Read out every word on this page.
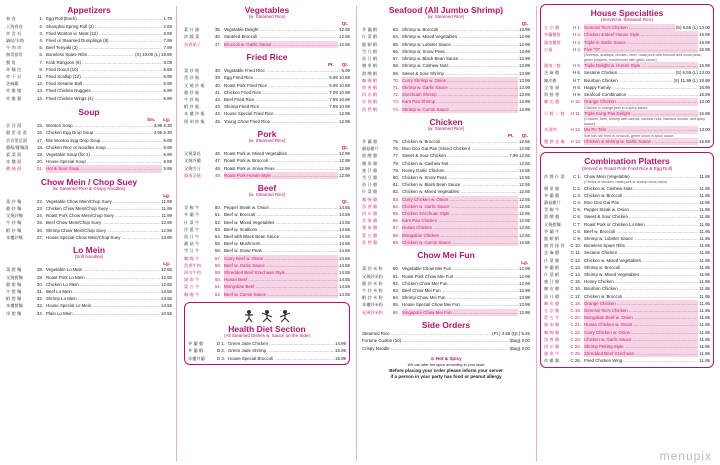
Appetizers
春 卷	1. Egg Roll (Each) .....	1.79
上海春卷	2. Shanghai Spring Roll (2) .....	2.69
炸 雲 吞	3. Fried Wonton w. Meat (12) .....	5.99
鍋貼/水餃	4. Fried or Steamed Dumplings (8) .....	7.99
牛 肉 串	5. Beef Teriyaki (3) .....	7.99
無骨排骨	6. Boneless Spare Ribs .....	(S) 10.00 (L) 18.99
蟹 角	7. Krab Rangoon (8) .....	8.09
炸 麵 包	8. Fried Donut (10) .....	5.59
炸 干 貝	11. Fried Scallop (12) .....	6.99
芝麻雞	12. Fried Sesame Ball .....	5.99
炸 雞 塊	13. Fried Chicken Nuggets .....	6.99
炸 雞 翼	14. Fried Chicken Wings (4) .....	6.99
Soup
Sm. Lg.
雲 吞 湯	15. Wonton Soup .....	3.95 5.30
雞 蛋 花 湯	16. Chicken Egg Drop Soup .....	3.95 5.30
雲吞蛋花湯	17. Mix Wonton Egg Drop Soup .....	5.69
雞飯/雞麵湯	18. Chicken Rice or Noodles Soup .....	5.99
素 菜 湯	19. Vegetable Soup (for 2) .....	5.99
本 樓 湯	20. House Special Soup .....	9.99
酸 辣 湯	21. Hot & Sour Soup .....	5.99
Chow Mein / Chop Suey
(w. Steamed Rice & Crispy Noodles)
Lg.
菜 炒 麵	22. Vegetable Chow Mein/Chop Suey .....	11.99
雞 炒 麵	23. Chicken Chow Mein/Chop Suey .....	11.99
叉燒炒麵	24. Roast Pork Chow Mein/Chop Suey .....	11.99
牛 炒 麵	25. Beef Chow Mein/Chop Suey .....	12.99
蝦 炒 麵	26. Shrimp Chow Mein/Chop Suey .....	12.99
本樓炒麵	27. House Special Chow Mein/Chop Suey .....	13.99
Lo Mein
(Soft Noodles)
Lg.
菜 撈 麵	28. Vegetable Lo Mein .....	12.55
叉燒撈麵	29. Roast Pork Lo Mein .....	12.55
雞 撈 麵	30. Chicken Lo Mein .....	12.55
牛 撈 麵	31. Beef Lo Mein .....	13.55
蝦 撈 麵	32. Shrimp Lo Mein .....	13.55
本樓撈麵	33. House Special Lo Mein .....	13.55
淨 撈 麵	34. Plain Lo Mein .....	10.55
Vegetables
(w. Steamed Rice)
Qt.
素 什 錦	35. Vegetable Delight .....	12.55
炒 雜 菜	36. Sautéed Broccoli .....	12.55
魚香茄子	37. Broccoli w. Garlic Sauce .....	12.55
Fried Rice
Pt. Qt.
菜 炒 飯	38. Vegetable Fried Rice .....	6.99
蛋 炒 飯	39. Egg Fried Rice .....	6.99 10.99
叉 燒 炒 飯	40. Roast Pork Fried Rice .....	6.99 10.99
雞 炒 飯	41. Chicken Fried Rice .....	7.09 10.99
牛 炒 飯	42. Beef Fried Rice .....	7.99 10.99
蝦 炒 飯	43. Shrimp Fried Rice .....	7.99 10.99
本 樓 炒 飯	44. House Special Fried Rice .....	12.99
揚 州 炒 飯	45. Young Chow Fried Rice .....	12.99
Pork
(w. Steamed Rice)
Qt.
叉燒菜花	46. Roast Pork w. Mixed Vegetables .....	12.99
叉燒芥蘭	47. Roast Pork w. Broccoli .....	12.99
叉燒雪豆	48. Roast Pork w. Snow Peas .....	12.99
湖南叉燒	49. Roast Pork Hunan Style .....	12.99
Beef
(w. Steamed Rice)
Qt.
青 椒 牛	50. Pepper Steak w. Onion .....	14.55
芥 蘭 牛	51. Beef w. Broccoli .....	14.55
什 菜 牛	52. Beef w. Mixed Vegetables .....	14.55
洋 葱 牛	53. Beef w. Scallions .....	14.55
豉 汁 牛	54. Beef with Black Bean Sauce .....	14.55
蘑 菇 牛	55. Beef w. Mushroom .....	14.55
雪 豆 牛	56. Beef w. Snow Peas .....	14.55
咖 喱 牛	57. Curry Beef w. Onion .....	14.55
魚香牛肉	58. Beef w. Garlic Sauce .....	14.55
四川牛肉	59. Shredded Beef Szechuan Style .....	14.55
湖 南 牛	60. Hunan Beef .....	14.55
蒙 古 牛	61. Mongolian Beef .....	14.55
咖 喱 牛	62. Beef w. Cumin Sauce .....	14.55
Health Diet Section
(All Steamed Dishes w. Sauce on the Side)
芥 蘭 雞	D 1. Green Jade Chicken .....	14.99
芥 蘭 蝦	D 2. Green Jade Shrimp .....	15.99
本樓芥蘭	D 3. House Special Broccoli .....	15.99
Seafood (All Jumbo Shrimp)
(w. Steamed Rice)
Qt.
芥 蘭 蝦	63. Shrimp w. Broccoli .....	13.99
什 菜 蝦	64. Shrimp w. Mixed Vegetables .....	13.99
龍 蝦 蝦	65. Shrimp w. Lobster Sauce .....	13.99
雪 豆 蝦	66. Shrimp w. Snow Peas .....	13.99
豉 汁 蝦	67. Shrimp w. Black Bean Sauce .....	13.99
腰 果 蝦	68. Shrimp w. Cashew Nuts .....	13.99
甜 酸 蝦	69. Sweet & Sour Shrimp .....	13.99
咖 喱 蝦	70. Curry Shrimp w. Onion .....	13.99
魚 香 蝦	71. Shrimp w. Garlic Sauce .....	13.99
四 川 蝦	72. Szechuan Shrimp .....	13.99
宮 保 蝦	73. Kam Pao Shrimp .....	13.99
孜 然 蝦	74. Shrimp w. Cumin Sauce .....	13.99
Chicken
(w. Steamed Rice)
Pt. Qt.
芥 蘭 雞	75. Chicken w. Broccoli .....	12.55
蘑菇雞片	76. Moo Goo Gai Pan (Sliced Chicken) .....	12.55
甜 酸 雞	77. Sweet & Sour Chicken .....	7.99 12.55
腰 果 雞	78. Chicken w. Cashew Nut .....	12.55
蜜 汁 雞	79. Honey Garlic Chicken .....	12.55
雪 豆 雞	80. Chicken w. Snow Peas .....	12.55
豉 汁 雞	81. Chicken w. Black Bean Sauce .....	12.55
什 菜 雞	82. Chicken w. Mixed Vegetables .....	12.55
咖 喱 雞	83. Curry Chicken w. Onion .....	12.55
魚 香 雞	84. Chicken w. Garlic Sauce .....	12.55
四 川 雞	85. Chicken Szechuan Style .....	12.55
宮 保 雞	86. Kam Pao Chicken .....	12.55
湖 南 雞	87. Hunan Chicken .....	12.55
蒙 古 雞	88. Mongolian Chicken .....	12.55
孜 然 雞	89. Chicken w. Cumin Sauce .....	12.55
Chow Mei Fun
Lg.
菜 炒 米 粉	90. Vegetable Chow Mei Fun .....	12.99
叉燒炒米粉	91. Roast Pork Chow Mei Fun .....	12.99
雞 炒 米 粉	92. Chicken Chow Mei Fun .....	12.99
牛 炒 米 粉	93. Beef Chow Mei Fun .....	13.99
蝦 炒 米 粉	94. Shrimp Chow Mei Fun .....	13.99
本樓炒米粉	95. House Special Chow Mei Fun .....	13.99
星洲炒米粉	96. Singapore Chow Mei Fun .....	13.99
Side Orders
Steamed Rice .....	(Pt.) 3.50 (Qt.) 5.25
Fortune Cookie (10) .....	(Bag) 2.00
Crispy Noodle .....	(Bag) 2.00
♨ Hot & Spicy
We can alter the spice according to your taste
Before placing your order please inform your server
if a person in your party has food or peanut allergy
House Specialties
(Served w. Steamed Rice)
左 宗 雞	H 1. General Tso's Chicken .....	(S) 6.55 (L) 13.00
芥蘭雙拼	H 2. Chicken & Beef Hunan Style .....	15.99
湖南雙拼	H 3. Triple in Garlic Sauce .....	15.99
五福	H 4. Five "O" .....	15.99
(Shrimps, scallops, chicken, beef, roast pork with broccoli and snow peas, green peppers, mushrooms with garlic sauce)
湖南三鮮	H 5. Triple Delight w. Hunan Style .....	15.99
芝 麻 雞	H 6. Sesame Chicken .....	(S) 6.55 (L) 13.00
陳皮雞	H 7. Bourbon Chicken .....	(S) 11.99 (L) 18.99
全 家 福	H 8. Happy Family .....	16.99
海 鮮 會	H 9. Seafood Combination .....	16.99
陳 皮 雞	H 10. Orange Chicken .....	13.00
Chicken in orange peel in a spicy sauce.
百 勝 二 鮮	H 11. Triple Kung Pao Delight .....	15.99
(Chicken, beef, shrimp with carrots, cashew nuts, bamboo shoots, and spicy sauce)
木須肉	H 12. Mu Po Tofu .....	13.00
Soft tofu stir fried w. broccoli, green onion in spicy sauce.
雙 拼 芝 麻	H 13. Chicken & Shrimp w. Garlic Sauce .....	15.99
Combination Platters
(Served w. Roast Pork Fried Rice & Egg Roll)
炒 雜 什 菜	C 1. Chow Mein (Vegetable) .....	11.95
(Choice of chicken, roast pork or shrimp chow mein)
腰 果 雞	C 2. Chicken w. Cashew Nuts .....	11.95
芥 蘭 雞	C 3. Chicken w. Broccoli .....	11.95
蘑菇雞片	C 4. Moo Goo Gai Pan .....	11.95
青 椒 牛	C 5. Pepper Steak w. Onion .....	11.95
甜 酸 雞	C 6. Sweet & Sour Chicken .....	11.95
叉燒撈麵	C 7. Roast Pork or Chicken Lo Mein .....	11.95
芥 蘭 牛	C 8. Beef w. Broccoli .....	11.95
龍 蝦 蝦	C 9. Shrimp w. Lobster Sauce .....	11.95
無 骨 排 骨	C 10. Boneless Spare Ribs .....	11.95
芝 麻 雞	C 11. Sesame Chicken .....	11.95
什 菜 雞	C 12. Chicken w. Mixed Vegetables .....	11.95
芥 蘭 蝦	C 13. Shrimp w. Broccoli .....	11.95
什 菜 蝦	C 14. Shrimp w. Mixed Vegetables .....	11.95
蜜 汁 雞	C 15. Honey Chicken .....	11.95
陳 皮 雞	C 16. Bourbon Chicken .....	11.95
豉 汁 雞	C 17. Chicken w. Broccoli .....	11.95
陳 皮 雞	C 18. Orange Chicken .....	11.95
左 宗 雞	C 19. General Tso's Chicken .....	11.95
蒙 古 牛	C 20. Mongolian Beef w. Onion .....	11.95
湖 南 雞	C 21. Hunan Chicken w. Onion .....	11.95
咖 喱 雞	C 22. Curry Chicken w. Onion .....	11.95
魚 香 雞	C 23. Chicken w. Garlic Sauce .....	11.95
四 川 雞	C 24. Shrimp Peking Style .....	11.95
湖 南 牛	C 25. Shredded Beef Szechuan .....	11.95
炸 雞 翼	C 26. Fried Chicken Wing .....	11.95
menupix
